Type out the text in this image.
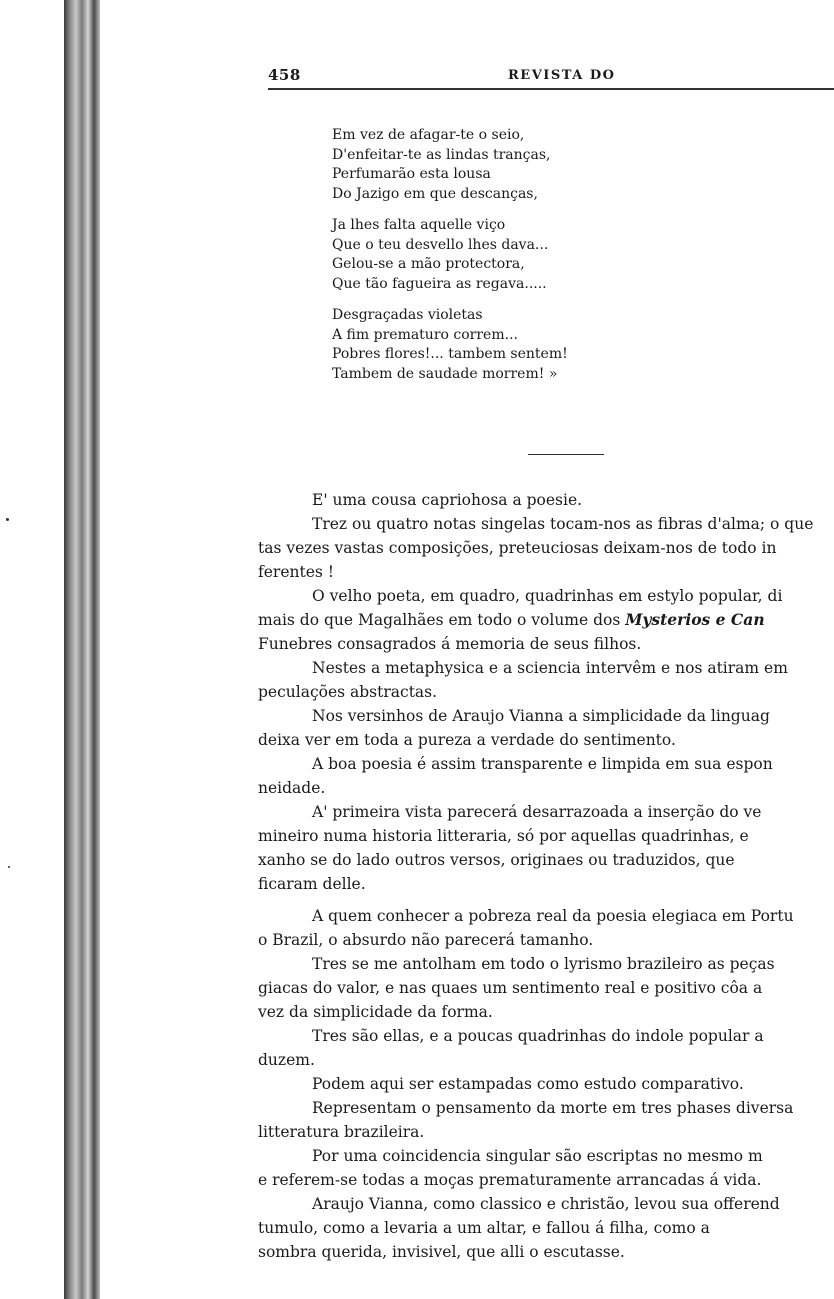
458	REVISTA DO
Em vez de afagar-te o seio,
D'enfeitar-te as lindas tranças,
Perfumarão esta lousa
Do Jazigo em que descanças,
Ja lhes falta aquelle viço
Que o teu desvello lhes dava...
Gelou-se a mão protectora,
Que tão fagueira as regava.....
Desgraçadas violetas
A fim prematuro correm...
Pobres flores!... tambem sentem!
Tambem de saudade morrem! »
E' uma cousa capriohosa a poesie.
Trez ou quatro notas singelas tocam-nos as fibras d'alma; o que
tas vezes vastas composições, preteuciosas deixam-nos de todo in
ferentes !
O velho poeta, em quadro, quadrinhas em estylo popular, di
mais do que Magalhães em todo o volume dos Mysterios e Can
Funebres consagrados á memoria de seus filhos.
Nestes a metaphysica e a sciencia intervêm e nos atiram em
peculações abstractas.
Nos versinhos de Araujo Vianna a simplicidade da linguag
deixa ver em toda a pureza a verdade do sentimento.
A boa poesia é assim transparente e limpida em sua espon
neidade.
A' primeira vista parecerá desarrazoada a inserção do ve
mineiro numa historia litteraria, só por aquellas quadrinhas, e
xanho se do lado outros versos, originaes ou traduzidos, que
ficaram delle.
A quem conhecer a pobreza real da poesia elegiaca em Portu
o Brazil, o absurdo não parecerá tamanho.
Tres se me antolham em todo o lyrismo brazileiro as peças
giacas do valor, e nas quaes um sentimento real e positivo côa a
vez da simplicidade da forma.
Tres são ellas, e a poucas quadrinhas do indole popular a
duzem.
Podem aqui ser estampadas como estudo comparativo.
Representam o pensamento da morte em tres phases diversa
litteratura brazileira.
Por uma coincidencia singular são escriptas no mesmo m
e referem-se todas a moças prematuramente arrancadas á vida.
Araujo Vianna, como classico e christão, levou sua offerend
tumulo, como a levaria a um altar, e fallou á filha, como a
sombra querida, invisivel, que alli o escutasse.
